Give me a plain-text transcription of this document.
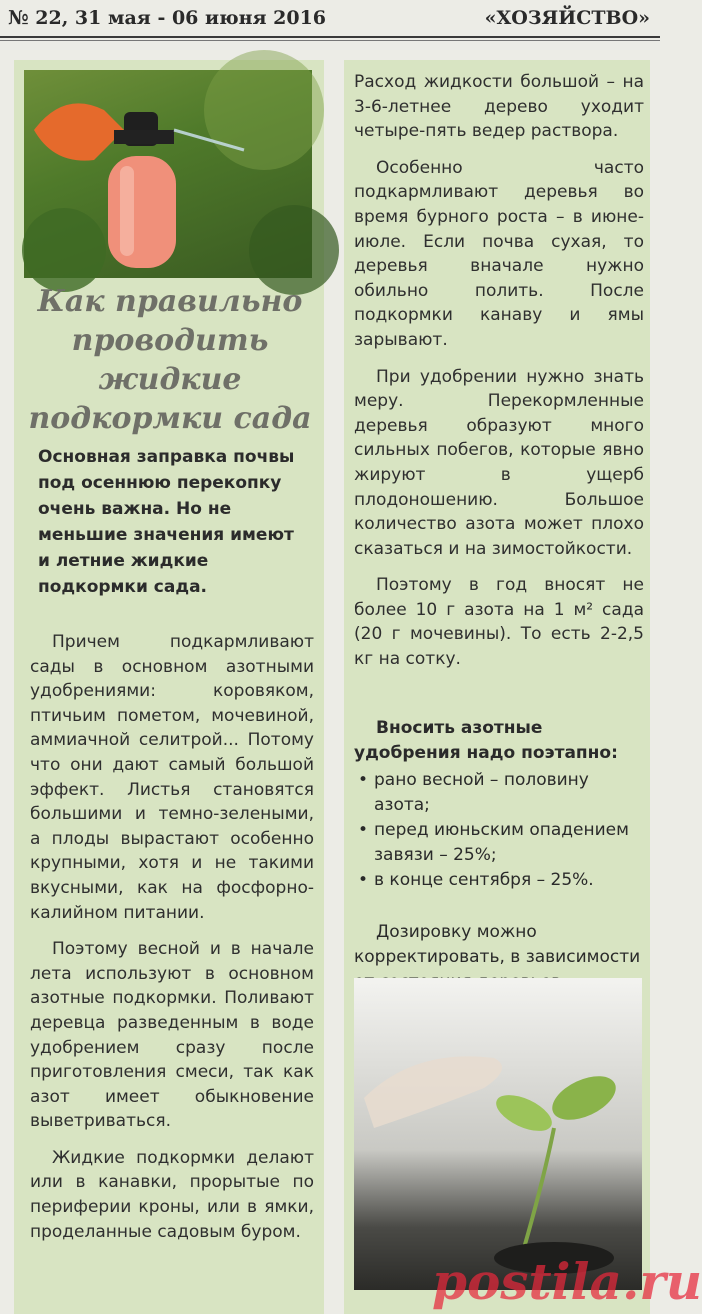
№ 22, 31 мая - 06 июня 2016	«ХОЗЯЙСТВО»
Как правильно проводить жидкие подкормки сада
Основная заправка почвы под осеннюю перекопку очень важна. Но не меньшие значения имеют и летние жидкие подкормки сада.

Причем подкармливают сады в основном азотными удобрениями: коровяком, птичьим пометом, мочевиной, аммиачной селитрой... Потому что они дают самый большой эффект. Листья становятся большими и темно-зелеными, а плоды вырастают особенно крупными, хотя и не такими вкусными, как на фосфорно-калийном питании.

Поэтому весной и в начале лета используют в основном азотные подкормки. Поливают деревца разведенным в воде удобрением сразу после приготовления смеси, так как азот имеет обыкновение выветриваться.

Жидкие подкормки делают или в канавки, прорытые по периферии кроны, или в ямки, проделанные садовым буром.

Расход жидкости большой – на 3-6-летнее дерево уходит четыре-пять ведер раствора.

Особенно часто подкармливают деревья во время бурного роста – в июне-июле. Если почва сухая, то деревья вначале нужно обильно полить. После подкормки канаву и ямы зарывают.

При удобрении нужно знать меру. Перекормленные деревья образуют много сильных побегов, которые явно жируют в ущерб плодоношению. Большое количество азота может плохо сказаться и на зимостойкости.

Поэтому в год вносят не более 10 г азота на 1 м² сада (20 г мочевины). То есть 2-2,5 кг на сотку.

Вносить азотные удобрения надо поэтапно:

• рано весной – половину азота;
• перед июньским опадением завязи – 25%;
• в конце сентября – 25%.

Дозировку можно корректировать, в зависимости

postila.ru
